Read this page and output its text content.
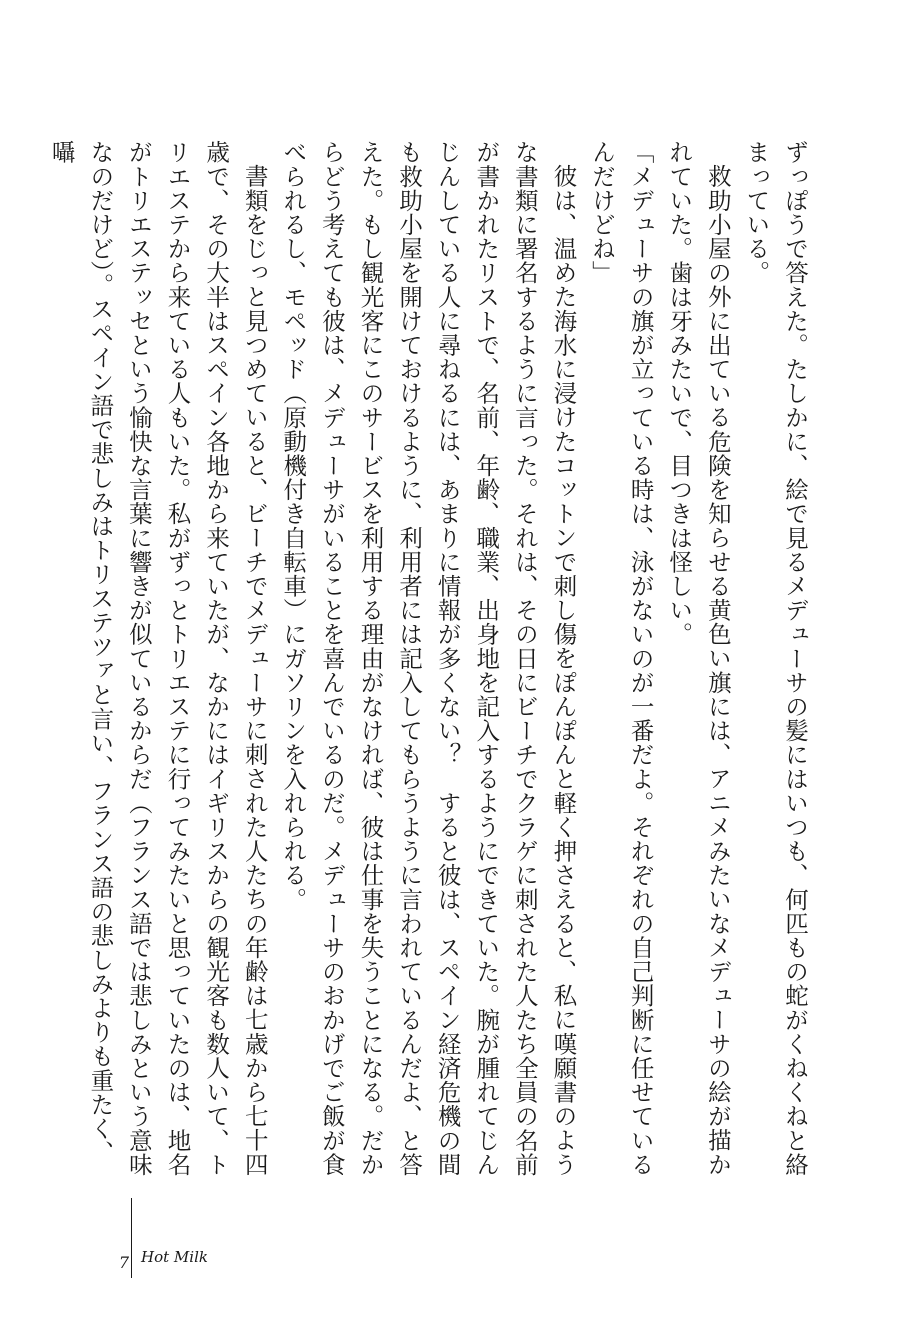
ずっぽうで答えた。たしかに、絵で見るメデューサの髪にはいつも、何匹もの蛇がくねくねと絡まっている。

救助小屋の外に出ている危険を知らせる黄色い旗には、アニメみたいなメデューサの絵が描かれていた。歯は牙みたいで、目つきは怪しい。

「メデューサの旗が立っている時は、泳がないのが一番だよ。それぞれの自己判断に任せているんだけどね」

彼は、温めた海水に浸けたコットンで刺し傷をぽんぽんと軽く押さえると、私に嘆願書のような書類に署名するように言った。それは、その日にビーチでクラゲに刺された人たち全員の名前が書かれたリストで、名前、年齢、職業、出身地を記入するようにできていた。腕が腫れてじんじんしている人に尋ねるには、あまりに情報が多くない？　すると彼は、スペイン経済危機の間も救助小屋を開けておけるように、利用者には記入してもらうように言われているんだよ、と答えた。もし観光客にこのサービスを利用する理由がなければ、彼は仕事を失うことになる。だからどう考えても彼は、メデューサがいることを喜んでいるのだ。メデューサのおかげでご飯が食べられるし、モペッド（原動機付き自転車）にガソリンを入れられる。

書類をじっと見つめていると、ビーチでメデューサに刺された人たちの年齢は七歳から七十四歳で、その大半はスペイン各地から来ていたが、なかにはイギリスからの観光客も数人いて、トリエステから来ている人もいた。私がずっとトリエステに行ってみたいと思っていたのは、地名がトリエステッセという愉快な言葉に響きが似ているからだ（フランス語では悲しみという意味なのだけど）。スペイン語で悲しみはトリステツァと言い、フランス語の悲しみよりも重たく、囁

7 Hot Milk
